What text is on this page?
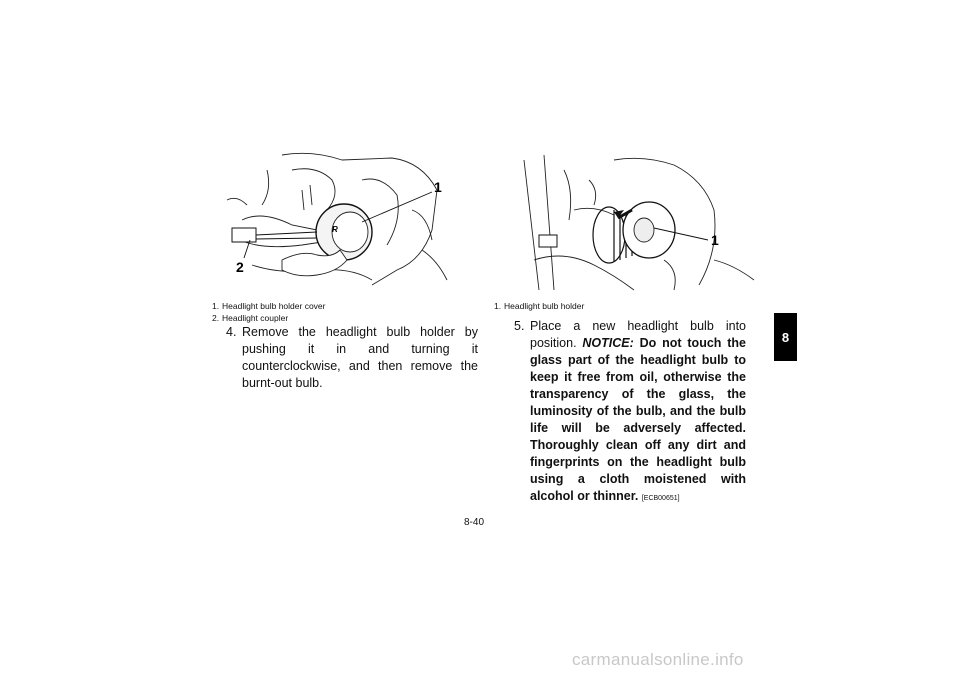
R
1
2
1. Headlight bulb holder cover
2. Headlight coupler
1
1. Headlight bulb holder
4. Remove the headlight bulb holder by pushing it in and turning it counterclockwise, and then remove the burnt-out bulb.
5. Place a new headlight bulb into position. NOTICE: Do not touch the glass part of the headlight bulb to keep it free from oil, otherwise the transparency of the glass, the luminosity of the bulb, and the bulb life will be adversely affected. Thoroughly clean off any dirt and fingerprints on the headlight bulb using a cloth moistened with alcohol or thinner. [ECB00651]
8-40
8
carmanualsonline.info
